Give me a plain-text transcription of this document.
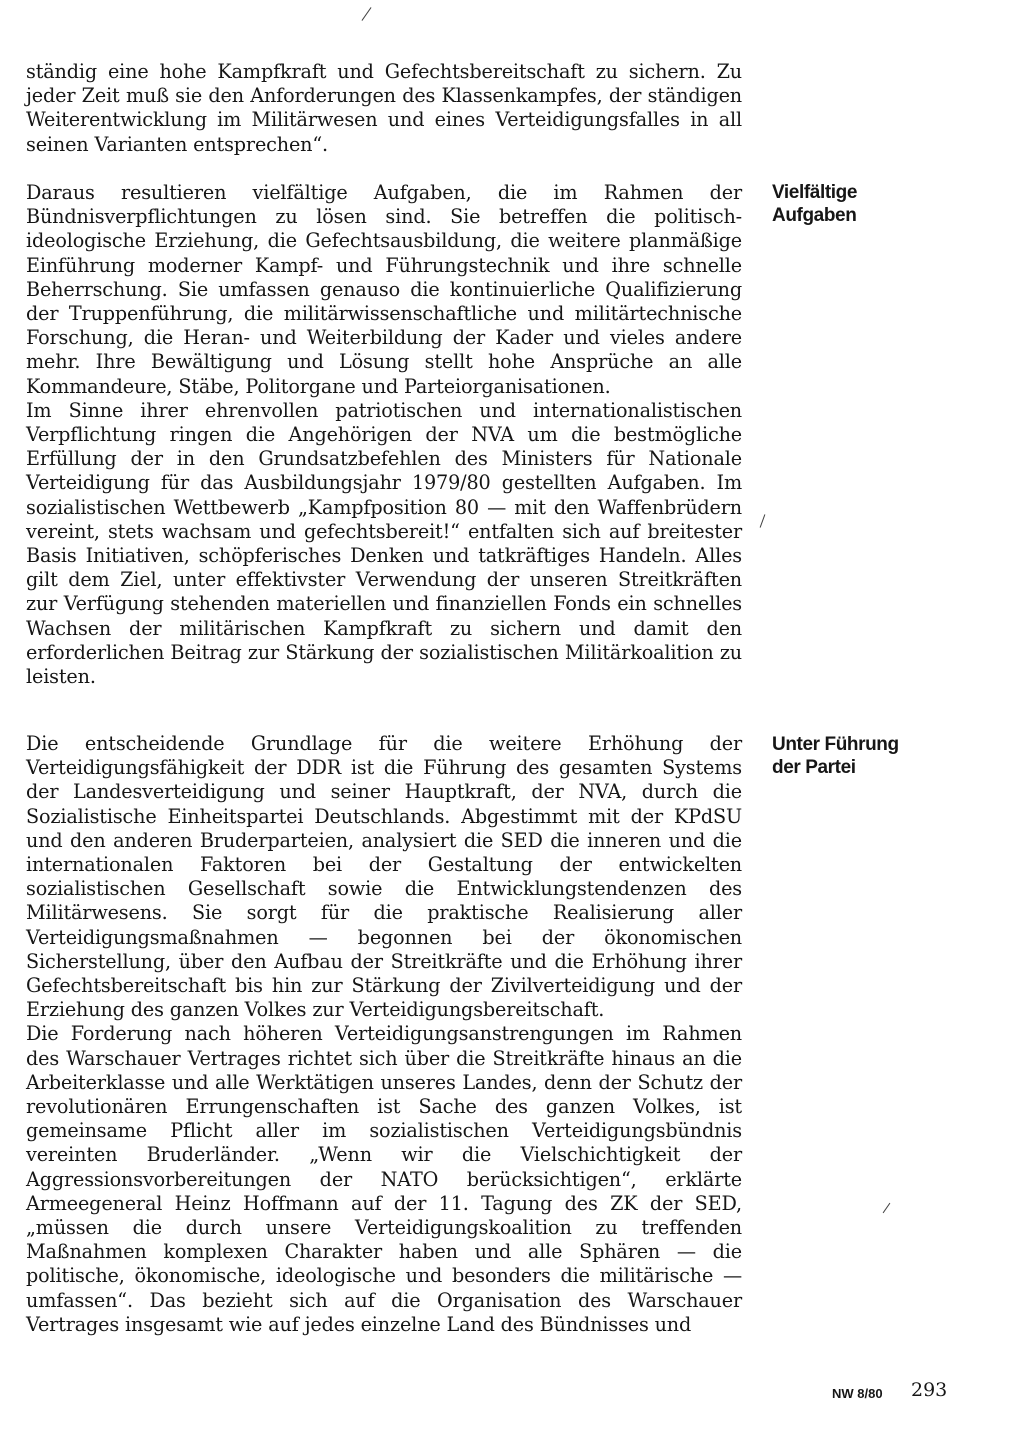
ständig eine hohe Kampfkraft und Gefechtsbereitschaft zu sichern. Zu jeder Zeit muß sie den Anforderungen des Klassenkampfes, der ständigen Weiterentwicklung im Militärwesen und eines Verteidigungsfalles in all seinen Varianten entsprechen“.

Daraus resultieren vielfältige Aufgaben, die im Rahmen der Bündnisverpflichtungen zu lösen sind. Sie betreffen die politisch-ideologische Erziehung, die Gefechtsausbildung, die weitere planmäßige Einführung moderner Kampf- und Führungstechnik und ihre schnelle Beherrschung. Sie umfassen genauso die kontinuierliche Qualifizierung der Truppenführung, die militärwissenschaftliche und militärtechnische Forschung, die Heran- und Weiterbildung der Kader und vieles andere mehr. Ihre Bewältigung und Lösung stellt hohe Ansprüche an alle Kommandeure, Stäbe, Politorgane und Parteiorganisationen.

Im Sinne ihrer ehrenvollen patriotischen und internationalistischen Verpflichtung ringen die Angehörigen der NVA um die bestmögliche Erfüllung der in den Grundsatzbefehlen des Ministers für Nationale Verteidigung für das Ausbildungsjahr 1979/80 gestellten Aufgaben. Im sozialistischen Wettbewerb „Kampfposition 80 — mit den Waffenbrüdern vereint, stets wachsam und gefechtsbereit!“ entfalten sich auf breitester Basis Initiativen, schöpferisches Denken und tatkräftiges Handeln. Alles gilt dem Ziel, unter effektivster Verwendung der unseren Streitkräften zur Verfügung stehenden materiellen und finanziellen Fonds ein schnelles Wachsen der militärischen Kampfkraft zu sichern und damit den erforderlichen Beitrag zur Stärkung der sozialistischen Militärkoalition zu leisten.

Die entscheidende Grundlage für die weitere Erhöhung der Verteidigungsfähigkeit der DDR ist die Führung des gesamten Systems der Landesverteidigung und seiner Hauptkraft, der NVA, durch die Sozialistische Einheitspartei Deutschlands. Abgestimmt mit der KPdSU und den anderen Bruderparteien, analysiert die SED die inneren und die internationalen Faktoren bei der Gestaltung der entwickelten sozialistischen Gesellschaft sowie die Entwicklungstendenzen des Militärwesens. Sie sorgt für die praktische Realisierung aller Verteidigungsmaßnahmen — begonnen bei der ökonomischen Sicherstellung, über den Aufbau der Streitkräfte und die Erhöhung ihrer Gefechtsbereitschaft bis hin zur Stärkung der Zivilverteidigung und der Erziehung des ganzen Volkes zur Verteidigungsbereitschaft.

Die Forderung nach höheren Verteidigungsanstrengungen im Rahmen des Warschauer Vertrages richtet sich über die Streitkräfte hinaus an die Arbeiterklasse und alle Werktätigen unseres Landes, denn der Schutz der revolutionären Errungenschaften ist Sache des ganzen Volkes, ist gemeinsame Pflicht aller im sozialistischen Verteidigungsbündnis vereinten Bruderländer. „Wenn wir die Vielschichtigkeit der Aggressionsvorbereitungen der NATO berücksichtigen“, erklärte Armeegeneral Heinz Hoffmann auf der 11. Tagung des ZK der SED, „müssen die durch unsere Verteidigungskoalition zu treffenden Maßnahmen komplexen Charakter haben und alle Sphären — die politische, ökonomische, ideologische und besonders die militärische — umfassen“. Das bezieht sich auf die Organisation des Warschauer Vertrages insgesamt wie auf jedes einzelne Land des Bündnisses und

Vielfältige
Aufgaben
Unter Führung
der Partei
NW 8/80 293
